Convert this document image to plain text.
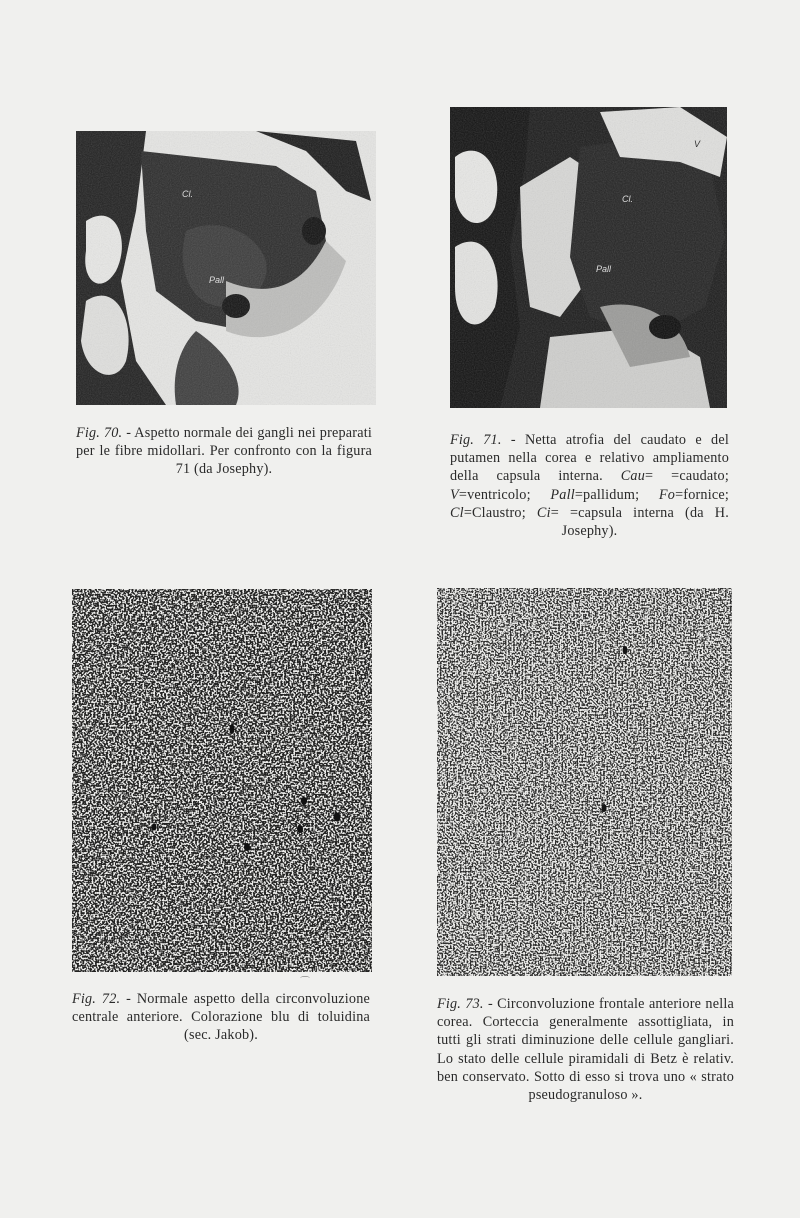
Fo
Cl.
Pall
Cl.
Pall
V
⌒

Fig. 70. - Aspetto normale dei gangli nei preparati per le fibre midollari. Per confronto con la figura 71 (da Josephy).

Fig. 71. - Netta atrofia del caudato e del putamen nella corea e relativo ampliamento della capsula interna. Cau= =caudato; V=ventricolo; Pall=pallidum; Fo=fornice; Cl=Claustro; Ci= =capsula interna (da H. Josephy).

Fig. 72. - Normale aspetto della circonvoluzione centrale anteriore. Colorazione blu di toluidina (sec. Jakob).

Fig. 73. - Circonvoluzione frontale anteriore nella corea. Corteccia generalmente assottigliata, in tutti gli strati diminuzione delle cellule gangliari. Lo stato delle cellule piramidali di Betz è relativ. ben conservato. Sotto di esso si trova uno « strato pseudogranuloso ».
